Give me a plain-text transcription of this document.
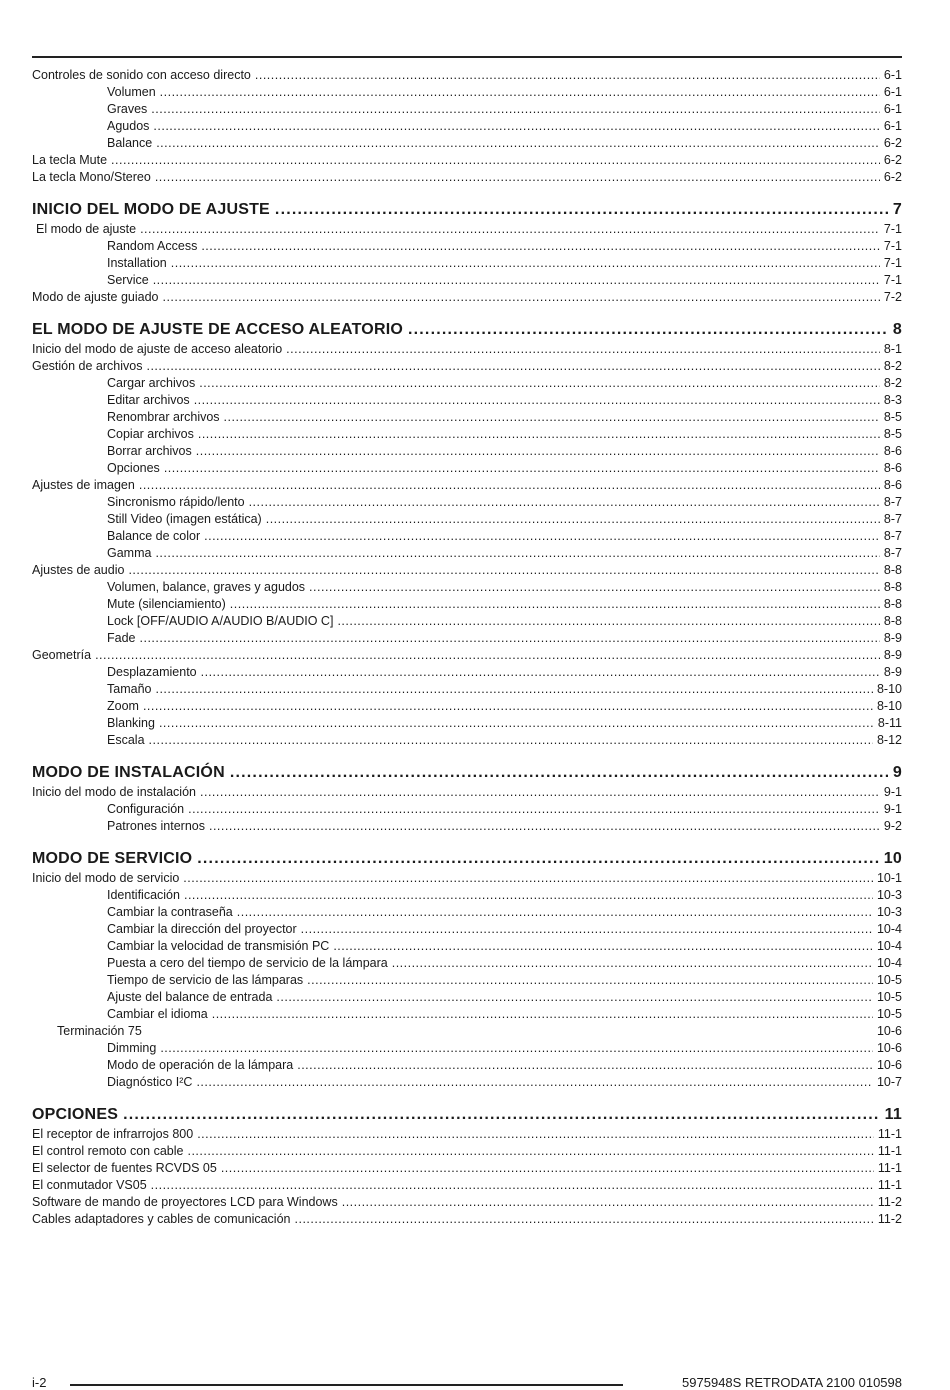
Controles de sonido con acceso directo .....	6-1
Volumen .....	6-1
Graves .....	6-1
Agudos .....	6-1
Balance .....	6-2
La tecla Mute .....	6-2
La tecla Mono/Stereo .....	6-2
INICIO DEL MODO DE AJUSTE .....	7
El modo de ajuste .....	7-1
Random Access .....	7-1
Installation .....	7-1
Service .....	7-1
Modo de ajuste guiado .....	7-2
EL MODO DE AJUSTE DE ACCESO ALEATORIO .....	8
Inicio del modo de ajuste de acceso aleatorio .....	8-1
Gestión de archivos .....	8-2
Cargar archivos .....	8-2
Editar archivos .....	8-3
Renombrar archivos .....	8-5
Copiar archivos .....	8-5
Borrar archivos .....	8-6
Opciones .....	8-6
Ajustes de imagen .....	8-6
Sincronismo rápido/lento .....	8-7
Still Video (imagen estática) .....	8-7
Balance de color .....	8-7
Gamma .....	8-7
Ajustes de audio .....	8-8
Volumen, balance, graves y agudos .....	8-8
Mute (silenciamiento) .....	8-8
Lock [OFF/AUDIO A/AUDIO B/AUDIO C] .....	8-8
Fade .....	8-9
Geometría .....	8-9
Desplazamiento .....	8-9
Tamaño .....	8-10
Zoom .....	8-10
Blanking .....	8-11
Escala .....	8-12
MODO DE INSTALACIÓN .....	9
Inicio del modo de instalación .....	9-1
Configuración .....	9-1
Patrones internos .....	9-2
MODO DE SERVICIO .....	10
Inicio del modo de servicio .....	10-1
Identificación .....	10-3
Cambiar la contraseña .....	10-3
Cambiar la dirección del proyector .....	10-4
Cambiar la velocidad de transmisión PC .....	10-4
Puesta a cero del tiempo de servicio de la lámpara .....	10-4
Tiempo de servicio de las lámparas .....	10-5
Ajuste del balance de entrada .....	10-5
Cambiar el idioma .....	10-5
Terminación 75	10-6
Dimming .....	10-6
Modo de operación de la lámpara .....	10-6
Diagnóstico I²C .....	10-7
OPCIONES .....	11
El receptor de infrarrojos 800 .....	11-1
El control remoto con cable .....	11-1
El selector de fuentes RCVDS 05 .....	11-1
El conmutador VS05 .....	11-1
Software de mando de proyectores LCD para Windows .....	11-2
Cables adaptadores y cables de comunicación .....	11-2
i-2	5975948S RETRODATA 2100 010598
